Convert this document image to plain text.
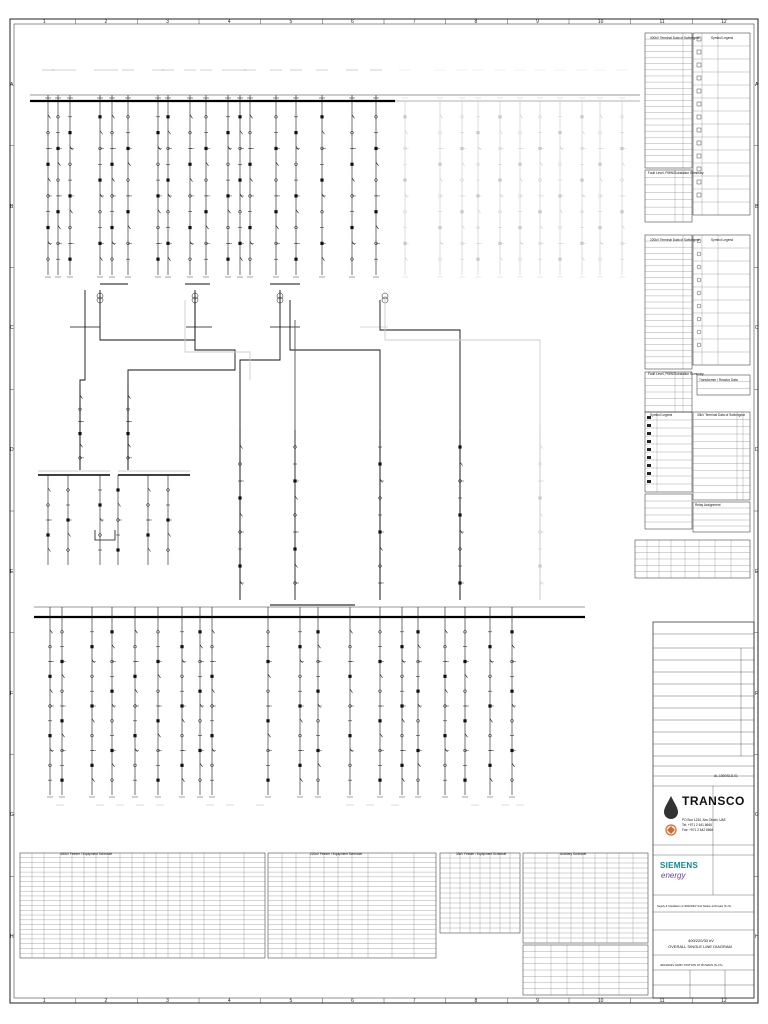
1	2	3	4	5	6	7	8	9	10	11	12
1	2	3	4	5	6	7	8	9	10	11	12
A
B
C
D
E
F
G
H
A
B
C
D
E
F
G
H
400kV Terminal Data of Switchgear	Symbol Legend
Fault Level, PMW/Substation Summary
220kV Terminal Data of Switchgear	Symbol Legend
Fault Level, PMW/Substation Summary
Transformer / Reactor Data
Symbol Legend	33kV Terminal Data of Switchgear
Relay Assignment
400kV Feeder / Equipment Schedule	220kV Feeder / Equipment Schedule	33kV Feeder / Equipment Schedule	Auxiliary Schedule
TRANSCO
PO Box 1234, Abu Dhabi, UAE
Tel: +971 2 641 6666
Fax: +971 2 642 6666
SIEMENS
energy
400/220/33 kV
OVERALL SINGLE LINE DIAGRAM
Supply & Installation of 400/220kV Grid Station at Ruwais (S-7A)
400/220kV GRID STATION AT RUWAIS (S-7A)
AL-1000/SLD-01
